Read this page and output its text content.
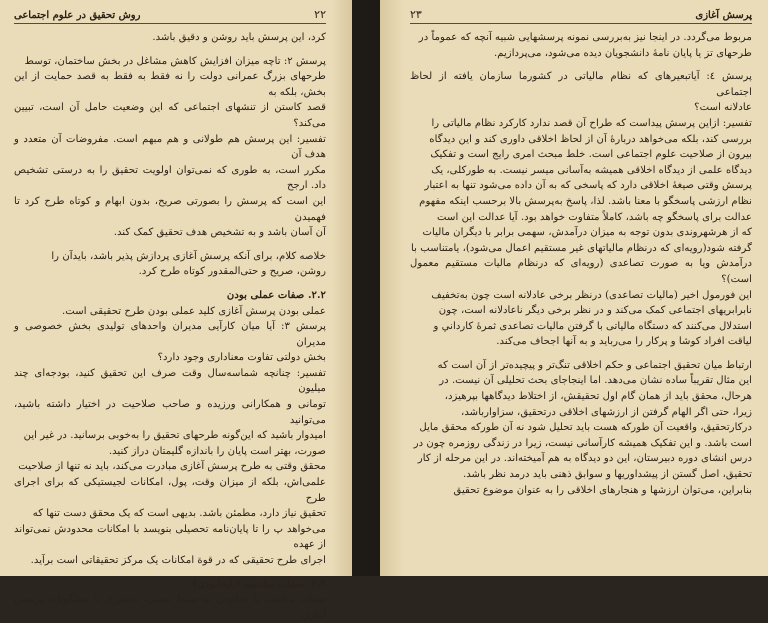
۲۲
روش تحقیق در علوم اجتماعی

کرد، این پرسش باید روشن و دقیق باشد.

پرسش ۲: تاچه میزان افزایش کاهش مشاغل در بخش ساختمان، توسط

طرحهای بزرگ عمرانی دولت را نه فقط به فقط به قصد حمایت از این بخش، بلکه به

قصد کاستن از تنشهای اجتماعی که این وضعیت حامل آن است، تبیین می‌کند؟

تفسیر: این پرسش هم طولانی و هم مبهم است. مفروضات آن متعدد و هدف آن

مکرر است، به طوری که نمی‌توان اولویت تحقیق را به درستی تشخیص داد. ارجح

این است که پرسش را بصورتی صریح، بدون ابهام و کوتاه طرح کرد تا فهمیدن

آن آسان باشد و به تشخیص هدف تحقیق کمک کند.

خلاصه کلام، برای آنکه پرسش آغازی پردازش پذیر باشد، بایدآن را

روشن، صریح و حتی‌المقدور کوتاه طرح کرد.

۲.۲. صفات عملی بودن

عملی بودن پرسش آغازی کلید عملی بودن طرح تحقیقی است.

پرسش ۳: آیا میان کارآیی مدیران واحدهای تولیدی بخش خصوصی و مدیران

بخش دولتی تفاوت معناداری وجود دارد؟

تفسیر: چنانچه شما‌سه‌سال وقت صرف این تحقیق کنید، بودجه‌ای چند میلیون

تومانی و همکارانی ورزیده و صاحب صلاحیت در اختیار داشته باشید، می‌توانید

امیدوار باشید که این‌گونه طرحهای تحقیق را به‌خوبی برسانید. در غیر این

صورت، بهتر است پایان را باندازه گلیمتان دراز کنید.

محقق وقتی به طرح پرسش آغازی مبادرت می‌کند، باید نه تنها از صلاحیت

علمی‌اش، بلکه از میزان وقت، پول، امکانات لجیستیکی که برای اجرای طرح

تحقیق نیاز دارد، مطمئن باشد. بدیهی است که یک محقق دست تنها که

می‌خواهد پ را تا پایان‌نامه تحصیلی بنویسد با امکانات محدودش نمی‌تواند از عهده

اجرای طرح تحقیقی که در قوة امکانات یک مرکز تحقیقاتی است برآید.

۲.۳. صفات مناسب (بایجابودن)

صفات مناسب یا بجابودن به ضبط تبیینی، دستوری یا پیشگویانه پرسش آغازی

پرسش آغازی
۲۳

مربوط می‌گردد. در اینجا نیز به‌بررسی نمونه پرسشهایی شبیه آنچه که عموماً در

طرحهای تز یا پایان نامهٔ دانشجویان دیده می‌شود، می‌پردازیم.

پرسش ٤: آیاتبعیرهای که نظام مالیاتی در کشورما سازمان یافته از لحاظ اجتماعی

عادلانه است؟

تفسیر: ازاین پرسش پیداست که طراح آن قصد ندارد کارکرد نظام مالیاتی را

بررسی کند، بلکه می‌خواهد دربارهٔ آن از لحاظ اخلاقی داوری کند و این دیدگاه

بیرون از صلاحیت علوم اجتماعی است. خلط مبحث امری رایج است و تفکیک

دیدگاه علمی از دیدگاه اخلاقی همیشه به‌آسانی میسر نیست. به طورکلی، یک

پرسش وقتی صیغهٔ اخلاقی دارد که پاسخی که به آن داده می‌شود تنها به اعتبار

نظام ارزشی پاسخگو با معنا باشد. لذا، پاسخ به‌پرسش بالا برحسب اینکه مفهوم

عدالت برای پاسخگو چه باشد، کاملاً متفاوت خواهد بود. آیا عدالت این است

که از هرشهروندی بدون توجه به میزان درآمدش، سهمی برابر با دیگران مالیات

گرفته شود(رویه‌ای که درنظام مالیاتهای غیر مستقیم اعمال می‌شود)، یامتناسب با

درآمدش ویا به صورت تصاعدی (رویه‌ای که درنظام مالیات مستقیم معمول است)؟

این فورمول اخیر (مالیات تصاعدی) درنظر برخی عادلانه است چون به‌تخفیف

نابرابریهای اجتماعی کمک می‌کند و در نظر برخی دیگر ناعادلانه است، چون

استدلال می‌کنند که دستگاه مالیاتی با گرفتن مالیات تصاعدی ثمرهٔ کارداني و

لیاقت افراد کوشا و پرکار را می‌رباید و به آنها اجحاف می‌کند.

ارتباط میان تحقیق اجتماعی و حکم اخلاقی تنگ‌تر و پیچیده‌تر از آن است که

این مثال تقریباً ساده نشان می‌دهد. اما اینجاجای بحث تحلیلی آن نیست. در

هرحال، محقق باید از همان گام اول تحقیقش، از اختلاط دیدگاهها بپرهیزد،

زیرا، حتی اگر الهام گرفتن از ارزشهای اخلاقی درتحقیق، سزاوارباشد،

درکارتحقیق، واقعیت آن طورکه هست باید تحلیل شود نه آن طورکه محقق مایل

است باشد. و این تفکیک همیشه کارآسانی نیست، زیرا در زندگی روزمره چون در

درس انشای دوره دبیرستان، این دو دیدگاه به هم آمیخته‌اند. در این مرحله از کار

تحقیق، اصل گستن از پیشداوریها و سوابق ذهنی باید درمد نظر باشد.

بنابراین، می‌توان ارزشها و هنجارهای اخلاقی را به عنوان موضوع تحقیق
